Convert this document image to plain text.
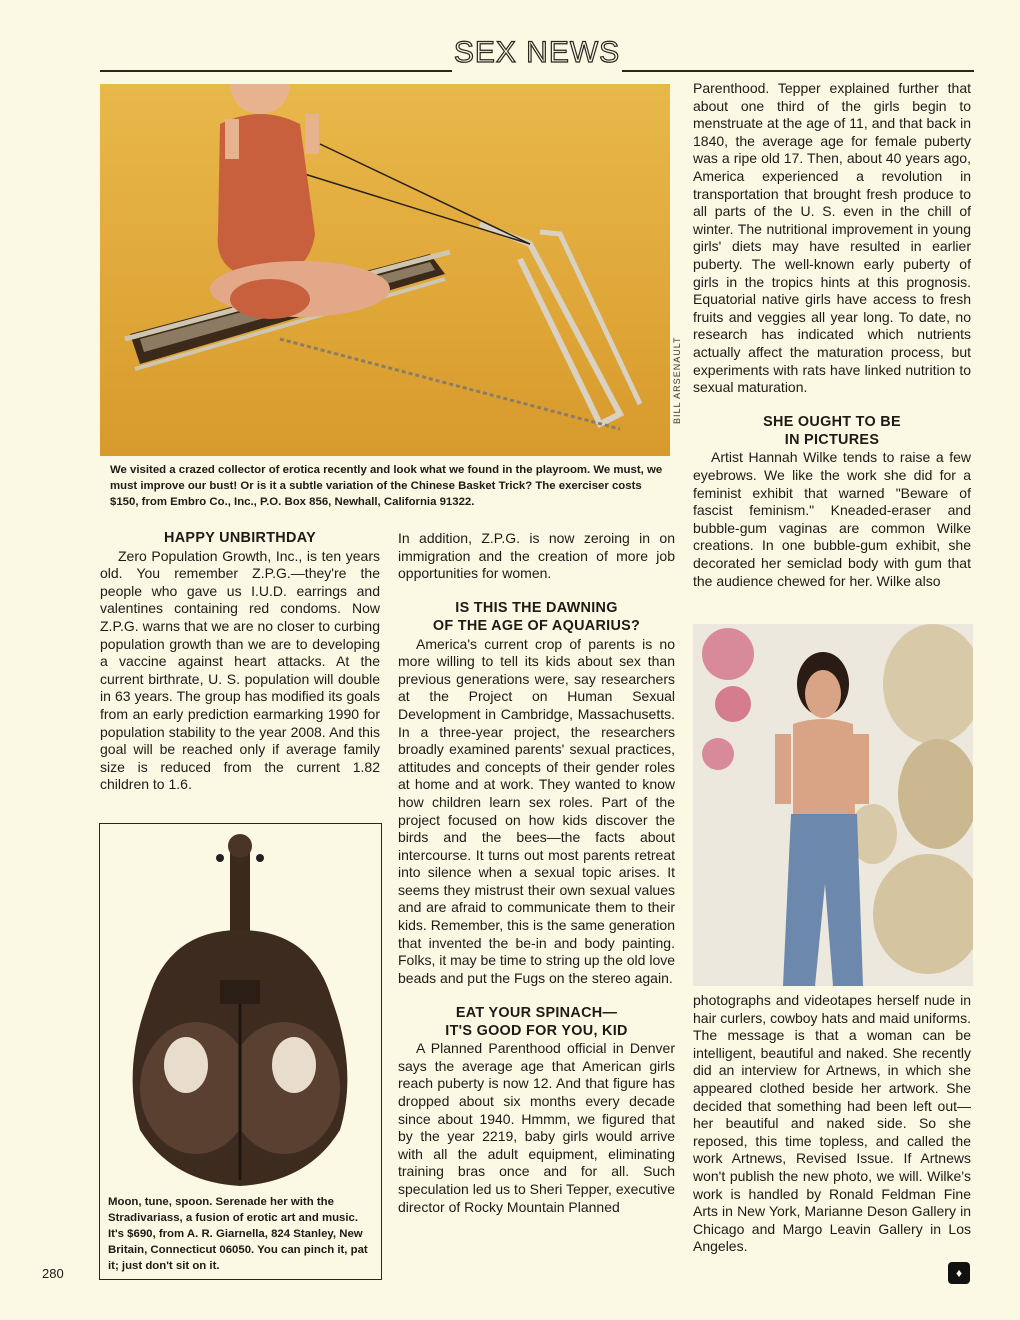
SEX NEWS
BILL ARSENAULT
We visited a crazed collector of erotica recently and look what we found in the playroom. We must, we must improve our bust! Or is it a subtle variation of the Chinese Basket Trick? The exerciser costs $150, from Embro Co., Inc., P.O. Box 856, Newhall, California 91322.
HAPPY UNBIRTHDAY

Zero Population Growth, Inc., is ten years old. You remember Z.P.G.—they're the people who gave us I.U.D. earrings and valentines containing red condoms. Now Z.P.G. warns that we are no closer to curbing population growth than we are to developing a vaccine against heart attacks. At the current birthrate, U. S. population will double in 63 years. The group has modified its goals from an early prediction earmarking 1990 for population stability to the year 2008. And this goal will be reached only if average family size is reduced from the current 1.82 children to 1.6.

Moon, tune, spoon. Serenade her with the Stradivariass, a fusion of erotic art and music. It's $690, from A. R. Giarnella, 824 Stanley, New Britain, Connecticut 06050. You can pinch it, pat it; just don't sit on it.

In addition, Z.P.G. is now zeroing in on immigration and the creation of more job opportunities for women.

IS THIS THE DAWNING
OF THE AGE OF AQUARIUS?

America's current crop of parents is no more willing to tell its kids about sex than previous generations were, say researchers at the Project on Human Sexual Development in Cambridge, Massachusetts. In a three-year project, the researchers broadly examined parents' sexual practices, attitudes and concepts of their gender roles at home and at work. They wanted to know how children learn sex roles. Part of the project focused on how kids discover the birds and the bees—the facts about intercourse. It turns out most parents retreat into silence when a sexual topic arises. It seems they mistrust their own sexual values and are afraid to communicate them to their kids. Remember, this is the same generation that invented the be-in and body painting. Folks, it may be time to string up the old love beads and put the Fugs on the stereo again.

EAT YOUR SPINACH—
IT'S GOOD FOR YOU, KID

A Planned Parenthood official in Denver says the average age that American girls reach puberty is now 12. And that figure has dropped about six months every decade since about 1940. Hmmm, we figured that by the year 2219, baby girls would arrive with all the adult equipment, eliminating training bras once and for all. Such speculation led us to Sheri Tepper, executive director of Rocky Mountain Planned

Parenthood. Tepper explained further that about one third of the girls begin to menstruate at the age of 11, and that back in 1840, the average age for female puberty was a ripe old 17. Then, about 40 years ago, America experienced a revolution in transportation that brought fresh produce to all parts of the U. S. even in the chill of winter. The nutritional improvement in young girls' diets may have resulted in earlier puberty. The well-known early puberty of girls in the tropics hints at this prognosis. Equatorial native girls have access to fresh fruits and veggies all year long. To date, no research has indicated which nutrients actually affect the maturation process, but experiments with rats have linked nutrition to sexual maturation.

SHE OUGHT TO BE
IN PICTURES

Artist Hannah Wilke tends to raise a few eyebrows. We like the work she did for a feminist exhibit that warned "Beware of fascist feminism." Kneaded-eraser and bubble-gum vaginas are common Wilke creations. In one bubble-gum exhibit, she decorated her semiclad body with gum that the audience chewed for her. Wilke also

photographs and videotapes herself nude in hair curlers, cowboy hats and maid uniforms. The message is that a woman can be intelligent, beautiful and naked. She recently did an interview for Artnews, in which she appeared clothed beside her artwork. She decided that something had been left out—her beautiful and naked side. So she reposed, this time topless, and called the work Artnews, Revised Issue. If Artnews won't publish the new photo, we will. Wilke's work is handled by Ronald Feldman Fine Arts in New York, Marianne Deson Gallery in Chicago and Margo Leavin Gallery in Los Angeles.

♦
280
